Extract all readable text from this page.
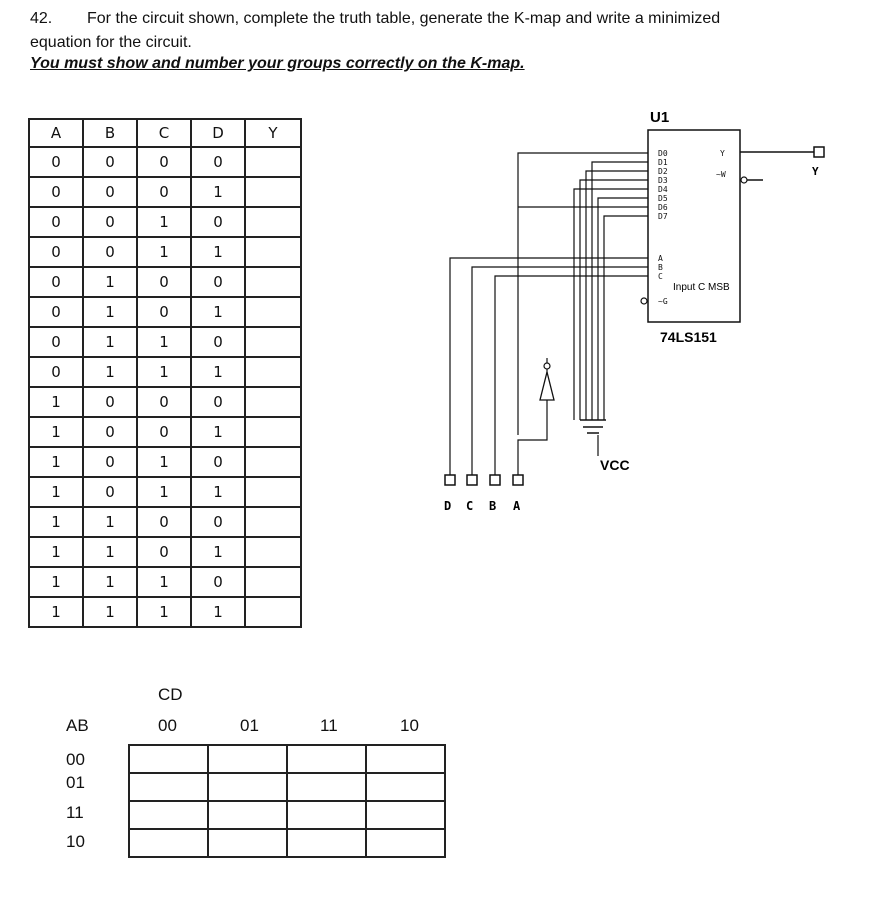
42. For the circuit shown, complete the truth table, generate the K-map and write a minimized
equation for the circuit.
You must show and number your groups correctly on the K-map.
A	B	C	D	Y
0	0	0	0	
0	0	0	1	
0	0	1	0	
0	0	1	1	
0	1	0	0	
0	1	0	1	
0	1	1	0	
0	1	1	1	
1	0	0	0	
1	0	0	1	
1	0	1	0	
1	0	1	1	
1	1	0	0	
1	1	0	1	
1	1	1	0	
1	1	1	1	
CD
AB	00	01	11	10
00
01
11
10

U1
74LS151
D0
D1
D2
D3
D4
D5
D6
D7
A
B
C
~G
Y
~W
Input C MSB
Y
VCC
D C B A
